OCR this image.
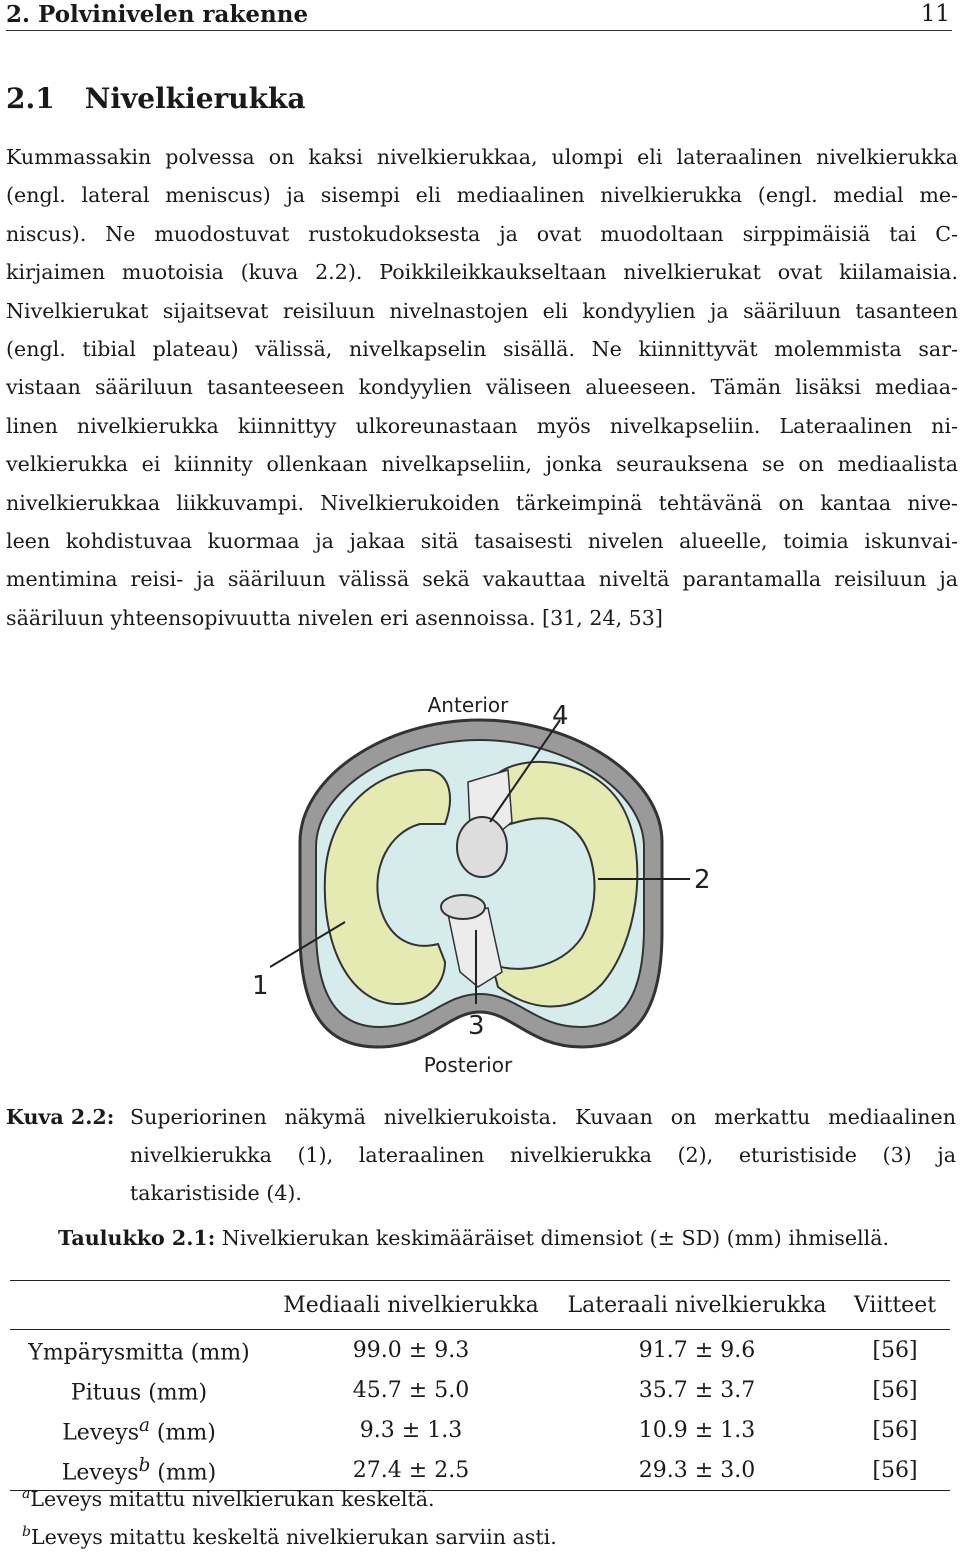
2. Polvinivelen rakenne	11
2.1 Nivelkierukka

Kummassakin polvessa on kaksi nivelkierukkaa, ulompi eli lateraalinen nivelkierukka
(engl. lateral meniscus) ja sisempi eli mediaalinen nivelkierukka (engl. medial me-
niscus). Ne muodostuvat rustokudoksesta ja ovat muodoltaan sirppimäisiä tai C-
kirjaimen muotoisia (kuva 2.2). Poikkileikkaukseltaan nivelkierukat ovat kiilamaisia.
Nivelkierukat sijaitsevat reisiluun nivelnastojen eli kondyylien ja sääriluun tasanteen
(engl. tibial plateau) välissä, nivelkapselin sisällä. Ne kiinnittyvät molemmista sar-
vistaan sääriluun tasanteeseen kondyylien väliseen alueeseen. Tämän lisäksi mediaa-
linen nivelkierukka kiinnittyy ulkoreunastaan myös nivelkapseliin. Lateraalinen ni-
velkierukka ei kiinnity ollenkaan nivelkapseliin, jonka seurauksena se on mediaalista
nivelkierukkaa liikkuvampi. Nivelkierukoiden tärkeimpinä tehtävänä on kantaa nive-
leen kohdistuvaa kuormaa ja jakaa sitä tasaisesti nivelen alueelle, toimia iskunvai-
mentimina reisi- ja sääriluun välissä sekä vakauttaa niveltä parantamalla reisiluun ja
sääriluun yhteensopivuutta nivelen eri asennoissa. [31, 24, 53]

Anterior
Posterior
1
2
3
4
Kuva 2.2: Superiorinen näkymä nivelkierukoista. Kuvaan on merkattu mediaalinen nivelkierukka (1), lateraalinen nivelkierukka (2), eturistiside (3) ja takaristiside (4).
Taulukko 2.1: Nivelkierukan keskimääräiset dimensiot (± SD) (mm) ihmisellä.
	Mediaali nivelkierukka	Lateraali nivelkierukka	Viitteet
Ympärysmitta (mm)	99.0 ± 9.3	91.7 ± 9.6	[56]
Pituus (mm)	45.7 ± 5.0	35.7 ± 3.7	[56]
Leveys$^a$ (mm)	9.3 ± 1.3	10.9 ± 1.3	[56]
Leveys$^b$ (mm)	27.4 ± 2.5	29.3 ± 3.0	[56]
$^a$Leveys mitattu nivelkierukan keskeltä.
$^b$Leveys mitattu keskeltä nivelkierukan sarviin asti.
